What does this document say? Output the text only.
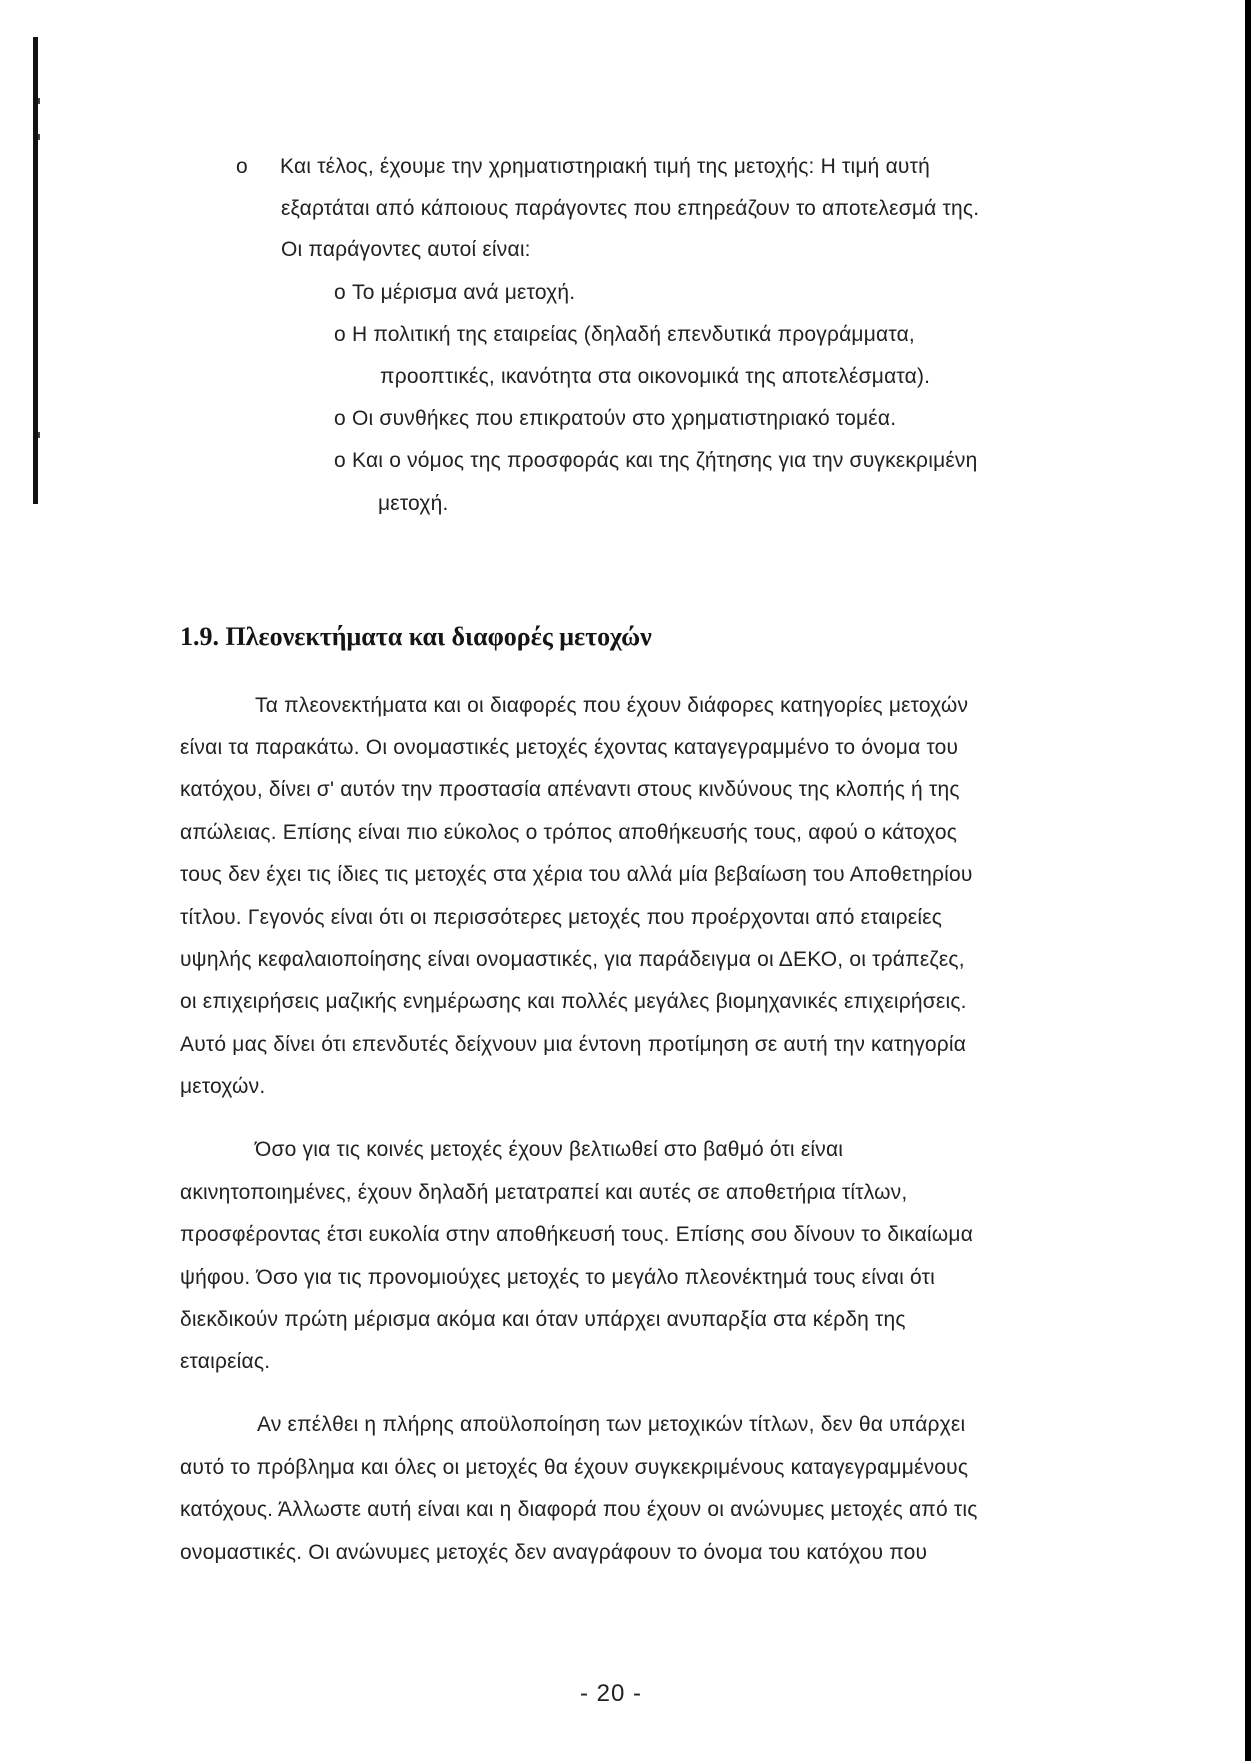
o Και τέλος, έχουμε την χρηματιστηριακή τιμή της μετοχής: Η τιμή αυτή
εξαρτάται από κάποιους παράγοντες που επηρεάζουν το αποτελεσμά της.
Οι παράγοντες αυτοί είναι:
o Το μέρισμα ανά μετοχή.
o Η πολιτική της εταιρείας (δηλαδή επενδυτικά προγράμματα,
προοπτικές, ικανότητα στα οικονομικά της αποτελέσματα).
o Οι συνθήκες που επικρατούν στο χρηματιστηριακό τομέα.
o Και ο νόμος της προσφοράς και της ζήτησης για την συγκεκριμένη
μετοχή.
1.9. Πλεονεκτήματα και διαφορές μετοχών
Τα πλεονεκτήματα και οι διαφορές που έχουν διάφορες κατηγορίες μετοχών
είναι τα παρακάτω. Οι ονομαστικές μετοχές έχοντας καταγεγραμμένο το όνομα του
κατόχου, δίνει σ' αυτόν την προστασία απέναντι στους κινδύνους της κλοπής ή της
απώλειας. Επίσης είναι πιο εύκολος ο τρόπος αποθήκευσής τους, αφού ο κάτοχος
τους δεν έχει τις ίδιες τις μετοχές στα χέρια του αλλά μία βεβαίωση του Αποθετηρίου
τίτλου. Γεγονός είναι ότι οι περισσότερες μετοχές που προέρχονται από εταιρείες
υψηλής κεφαλαιοποίησης είναι ονομαστικές, για παράδειγμα οι ΔΕΚΟ, οι τράπεζες,
οι επιχειρήσεις μαζικής ενημέρωσης και πολλές μεγάλες βιομηχανικές επιχειρήσεις.
Αυτό μας δίνει ότι επενδυτές δείχνουν μια έντονη προτίμηση σε αυτή την κατηγορία
μετοχών.
Όσο για τις κοινές μετοχές έχουν βελτιωθεί στο βαθμό ότι είναι
ακινητοποιημένες, έχουν δηλαδή μετατραπεί και αυτές σε αποθετήρια τίτλων,
προσφέροντας έτσι ευκολία στην αποθήκευσή τους. Επίσης σου δίνουν το δικαίωμα
ψήφου. Όσο για τις προνομιούχες μετοχές το μεγάλο πλεονέκτημά τους είναι ότι
διεκδικούν πρώτη μέρισμα ακόμα και όταν υπάρχει ανυπαρξία στα κέρδη της
εταιρείας.
Αν επέλθει η πλήρης αποϋλοποίηση των μετοχικών τίτλων, δεν θα υπάρχει
αυτό το πρόβλημα και όλες οι μετοχές θα έχουν συγκεκριμένους καταγεγραμμένους
κατόχους. Άλλωστε αυτή είναι και η διαφορά που έχουν οι ανώνυμες μετοχές από τις
ονομαστικές. Οι ανώνυμες μετοχές δεν αναγράφουν το όνομα του κατόχου που
- 20 -
